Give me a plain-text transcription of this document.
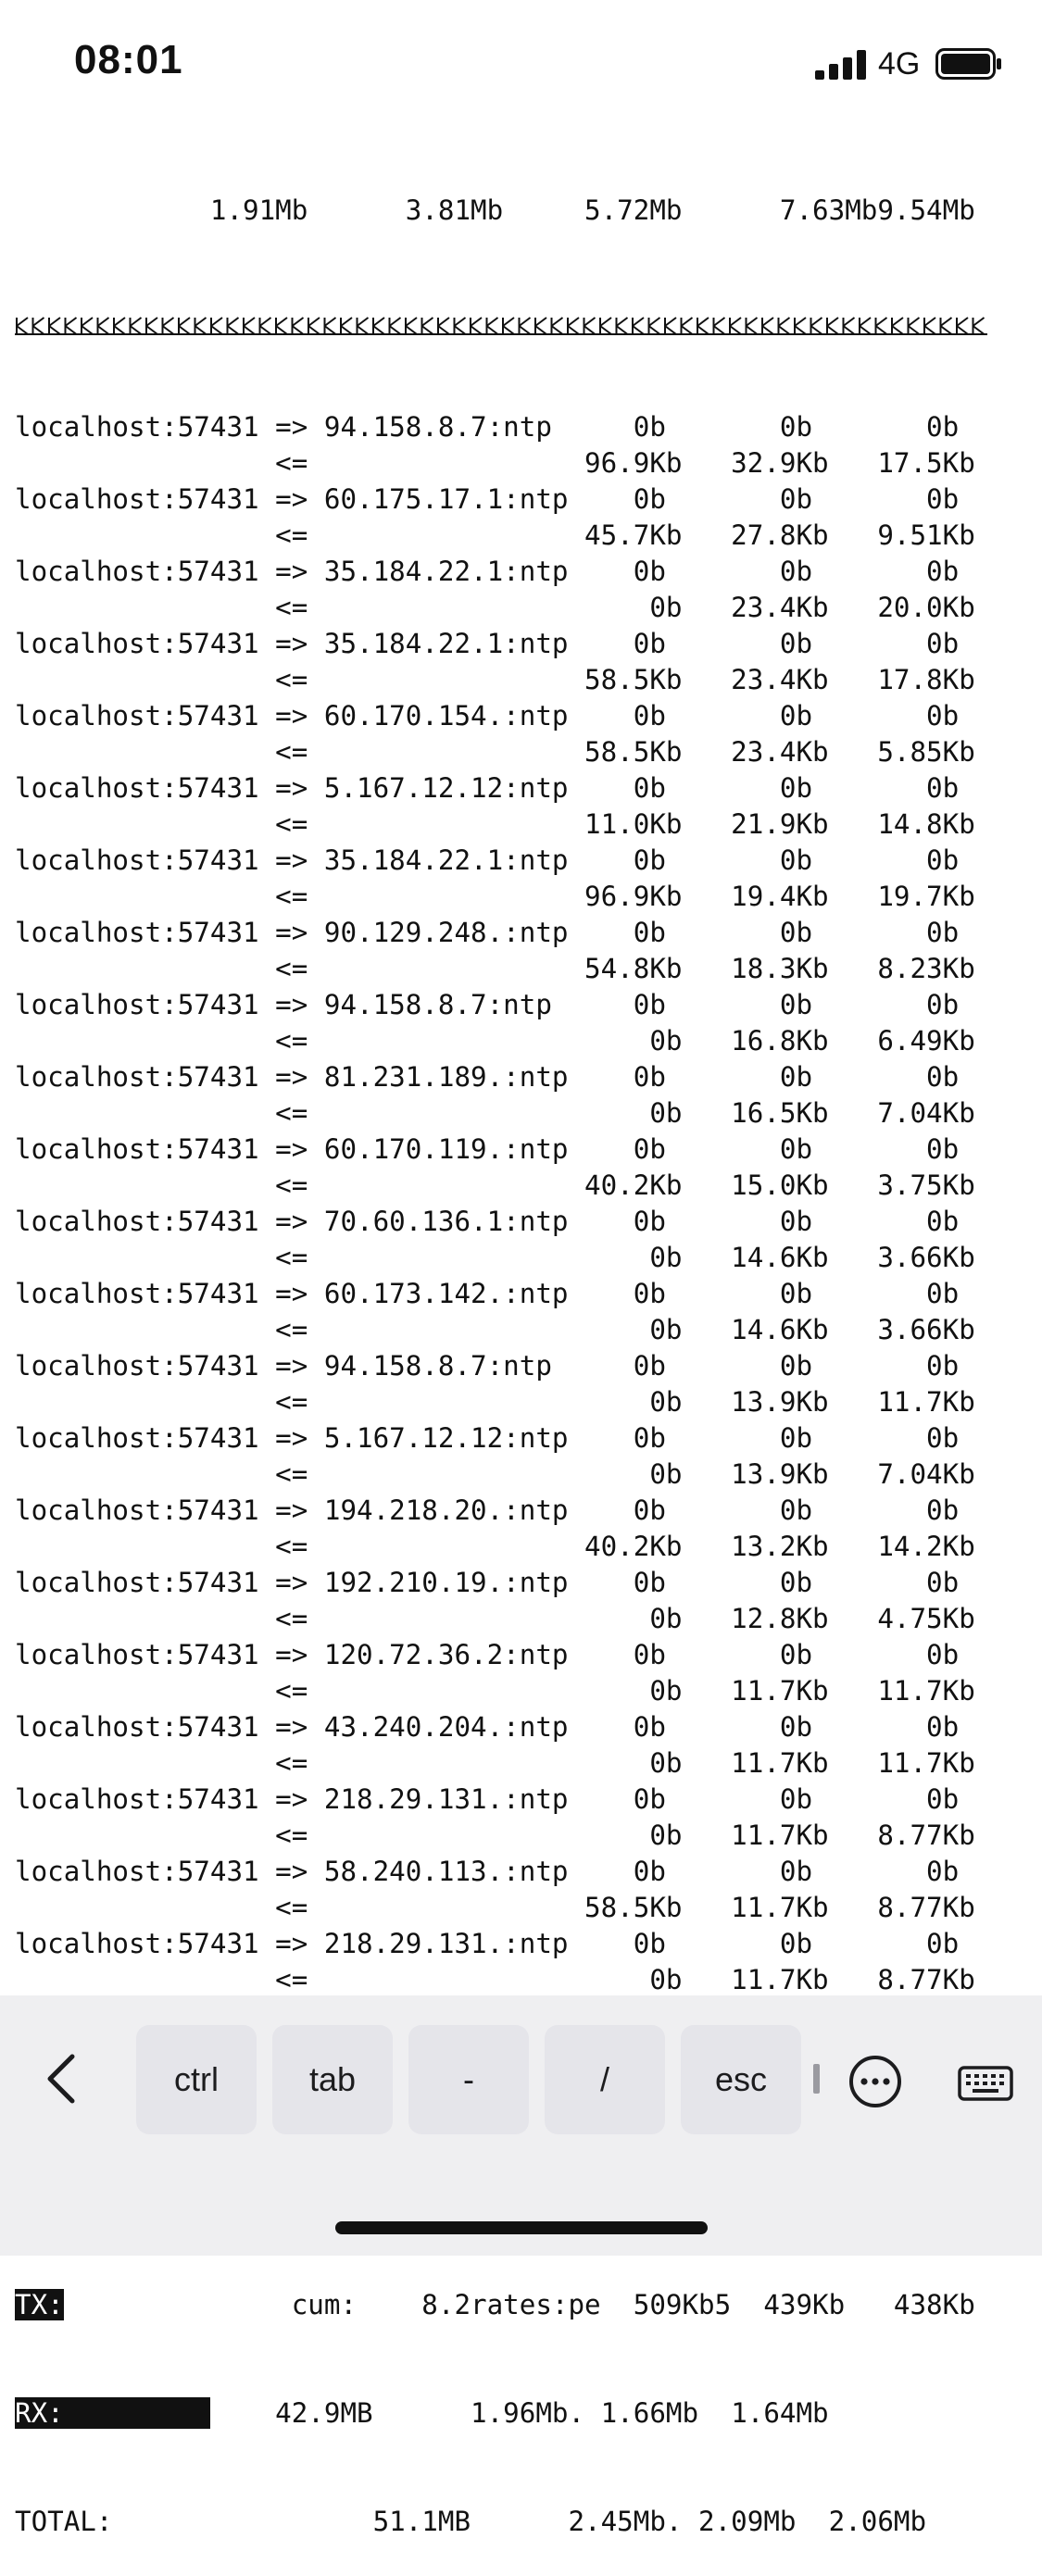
08:01	4G

1.91Mb      3.81Mb     5.72Mb      7.63Mb9.54Mb

localhost:57431 => 94.158.8.7:ntp     0b       0b       0b
<=                 96.9Kb   32.9Kb   17.5Kb
localhost:57431 => 60.175.17.1:ntp    0b       0b       0b
<=                 45.7Kb   27.8Kb   9.51Kb
localhost:57431 => 35.184.22.1:ntp    0b       0b       0b
<=                     0b   23.4Kb   20.0Kb
localhost:57431 => 35.184.22.1:ntp    0b       0b       0b
<=                 58.5Kb   23.4Kb   17.8Kb
localhost:57431 => 60.170.154.:ntp    0b       0b       0b
<=                 58.5Kb   23.4Kb   5.85Kb
localhost:57431 => 5.167.12.12:ntp    0b       0b       0b
<=                 11.0Kb   21.9Kb   14.8Kb
localhost:57431 => 35.184.22.1:ntp    0b       0b       0b
<=                 96.9Kb   19.4Kb   19.7Kb
localhost:57431 => 90.129.248.:ntp    0b       0b       0b
<=                 54.8Kb   18.3Kb   8.23Kb
localhost:57431 => 94.158.8.7:ntp     0b       0b       0b
<=                     0b   16.8Kb   6.49Kb
localhost:57431 => 81.231.189.:ntp    0b       0b       0b
<=                     0b   16.5Kb   7.04Kb
localhost:57431 => 60.170.119.:ntp    0b       0b       0b
<=                 40.2Kb   15.0Kb   3.75Kb
localhost:57431 => 70.60.136.1:ntp    0b       0b       0b
<=                     0b   14.6Kb   3.66Kb
localhost:57431 => 60.173.142.:ntp    0b       0b       0b
<=                     0b   14.6Kb   3.66Kb
localhost:57431 => 94.158.8.7:ntp     0b       0b       0b
<=                     0b   13.9Kb   11.7Kb
localhost:57431 => 5.167.12.12:ntp    0b       0b       0b
<=                     0b   13.9Kb   7.04Kb
localhost:57431 => 194.218.20.:ntp    0b       0b       0b
<=                 40.2Kb   13.2Kb   14.2Kb
localhost:57431 => 192.210.19.:ntp    0b       0b       0b
<=                     0b   12.8Kb   4.75Kb
localhost:57431 => 120.72.36.2:ntp    0b       0b       0b
<=                     0b   11.7Kb   11.7Kb
localhost:57431 => 43.240.204.:ntp    0b       0b       0b
<=                     0b   11.7Kb   11.7Kb
localhost:57431 => 218.29.131.:ntp    0b       0b       0b
<=                     0b   11.7Kb   8.77Kb
localhost:57431 => 58.240.113.:ntp    0b       0b       0b
<=                 58.5Kb   11.7Kb   8.77Kb
localhost:57431 => 218.29.131.:ntp    0b       0b       0b
<=                     0b   11.7Kb   8.77Kb

TX:              cum:    8.2rates:pe  509Kb5  439Kb   438Kb

RX:	42.9MB      1.96Mb. 1.66Mb  1.64Mb

TOTAL:                51.1MB      2.45Mb. 2.09Mb  2.06Mb

ctrl	tab	-	/	esc
